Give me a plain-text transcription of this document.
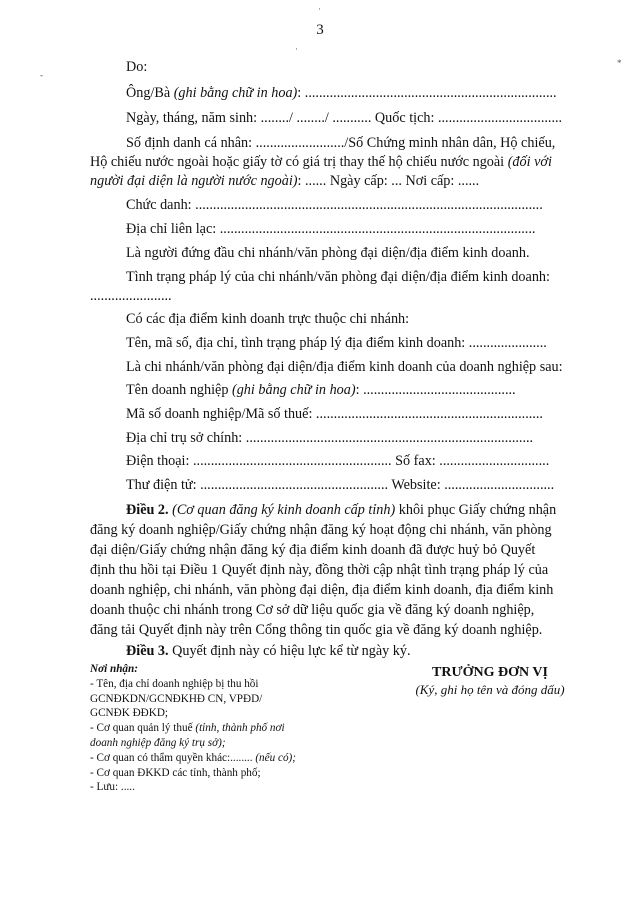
3
Do:
Ông/Bà (ghi bằng chữ in hoa): .......................................................................
Ngày, tháng, năm sinh: ......../ ......../ ........... Quốc tịch: ...................................
Số định danh cá nhân: ........................./Số Chứng minh nhân dân, Hộ chiếu,
Hộ chiếu nước ngoài hoặc giấy tờ có giá trị thay thế hộ chiếu nước ngoài (đối với
người đại diện là người nước ngoài): ...... Ngày cấp: ... Nơi cấp: ......
Chức danh: ..................................................................................................
Địa chỉ liên lạc: .........................................................................................
Là người đứng đầu chi nhánh/văn phòng đại diện/địa điểm kinh doanh.
Tình trạng pháp lý của chi nhánh/văn phòng đại diện/địa điểm kinh doanh:
.......................
Có các địa điểm kinh doanh trực thuộc chi nhánh:
Tên, mã số, địa chỉ, tình trạng pháp lý địa điểm kinh doanh: ......................
Là chi nhánh/văn phòng đại diện/địa điểm kinh doanh của doanh nghiệp sau:
Tên doanh nghiệp (ghi bằng chữ in hoa): ...........................................
Mã số doanh nghiệp/Mã số thuế: ................................................................
Địa chỉ trụ sở chính: .................................................................................
Điện thoại: ........................................................ Số fax: ...............................
Thư điện tử: ..................................................... Website: ...............................
Điều 2. (Cơ quan đăng ký kinh doanh cấp tỉnh) khôi phục Giấy chứng nhận
đăng ký doanh nghiệp/Giấy chứng nhận đăng ký hoạt động chi nhánh, văn phòng
đại diện/Giấy chứng nhận đăng ký địa điểm kinh doanh đã được huỷ bỏ Quyết
định thu hồi tại Điều 1 Quyết định này, đồng thời cập nhật tình trạng pháp lý của
doanh nghiệp, chi nhánh, văn phòng đại diện, địa điểm kinh doanh, địa điểm kinh
doanh thuộc chi nhánh trong Cơ sở dữ liệu quốc gia về đăng ký doanh nghiệp,
đăng tải Quyết định này trên Cổng thông tin quốc gia về đăng ký doanh nghiệp.
Điều 3. Quyết định này có hiệu lực kể từ ngày ký.
Nơi nhận:
- Tên, địa chỉ doanh nghiệp bị thu hồi
GCNĐKDN/GCNĐKHĐ CN, VPĐD/
GCNĐK ĐĐKD;
- Cơ quan quản lý thuế (tỉnh, thành phố nơi
doanh nghiệp đăng ký trụ sở);
- Cơ quan có thẩm quyền khác:........ (nếu có);
- Cơ quan ĐKKD các tỉnh, thành phố;
- Lưu: .....
TRƯỞNG ĐƠN VỊ
(Ký, ghi họ tên và đóng dấu)
·
·
-
*
